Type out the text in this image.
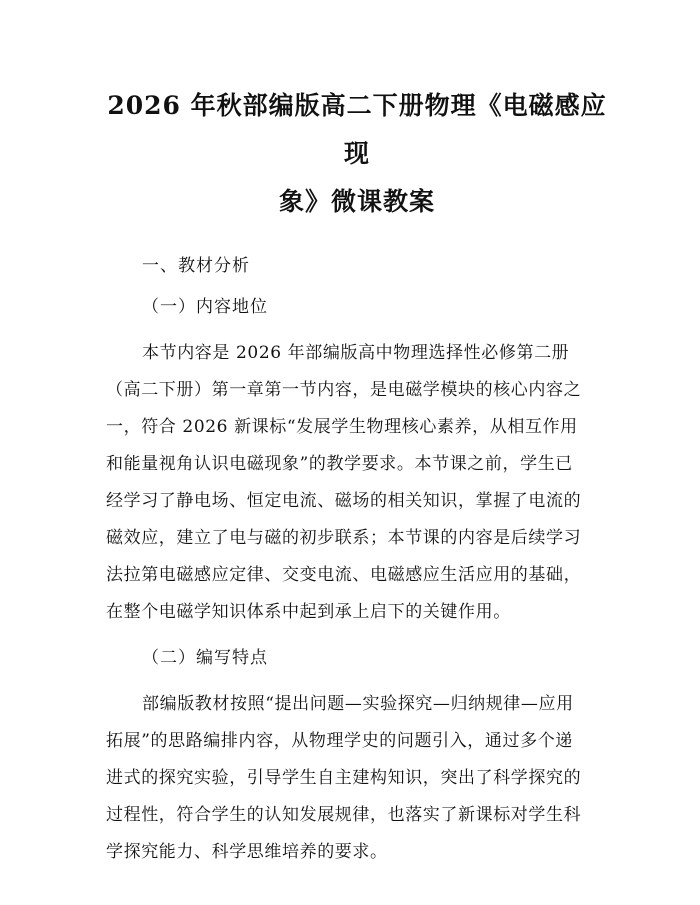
2026 年秋部编版高二下册物理《电磁感应现
象》微课教案

一、教材分析

（一）内容地位

本节内容是 2026 年部编版高中物理选择性必修第二册
（高二下册）第一章第一节内容，是电磁学模块的核心内容之
一，符合 2026 新课标“发展学生物理核心素养，从相互作用
和能量视角认识电磁现象”的教学要求。本节课之前，学生已
经学习了静电场、恒定电流、磁场的相关知识，掌握了电流的
磁效应，建立了电与磁的初步联系；本节课的内容是后续学习
法拉第电磁感应定律、交变电流、电磁感应生活应用的基础，
在整个电磁学知识体系中起到承上启下的关键作用。

（二）编写特点

部编版教材按照“提出问题—实验探究—归纳规律—应用
拓展”的思路编排内容，从物理学史的问题引入，通过多个递
进式的探究实验，引导学生自主建构知识，突出了科学探究的
过程性，符合学生的认知发展规律，也落实了新课标对学生科
学探究能力、科学思维培养的要求。
